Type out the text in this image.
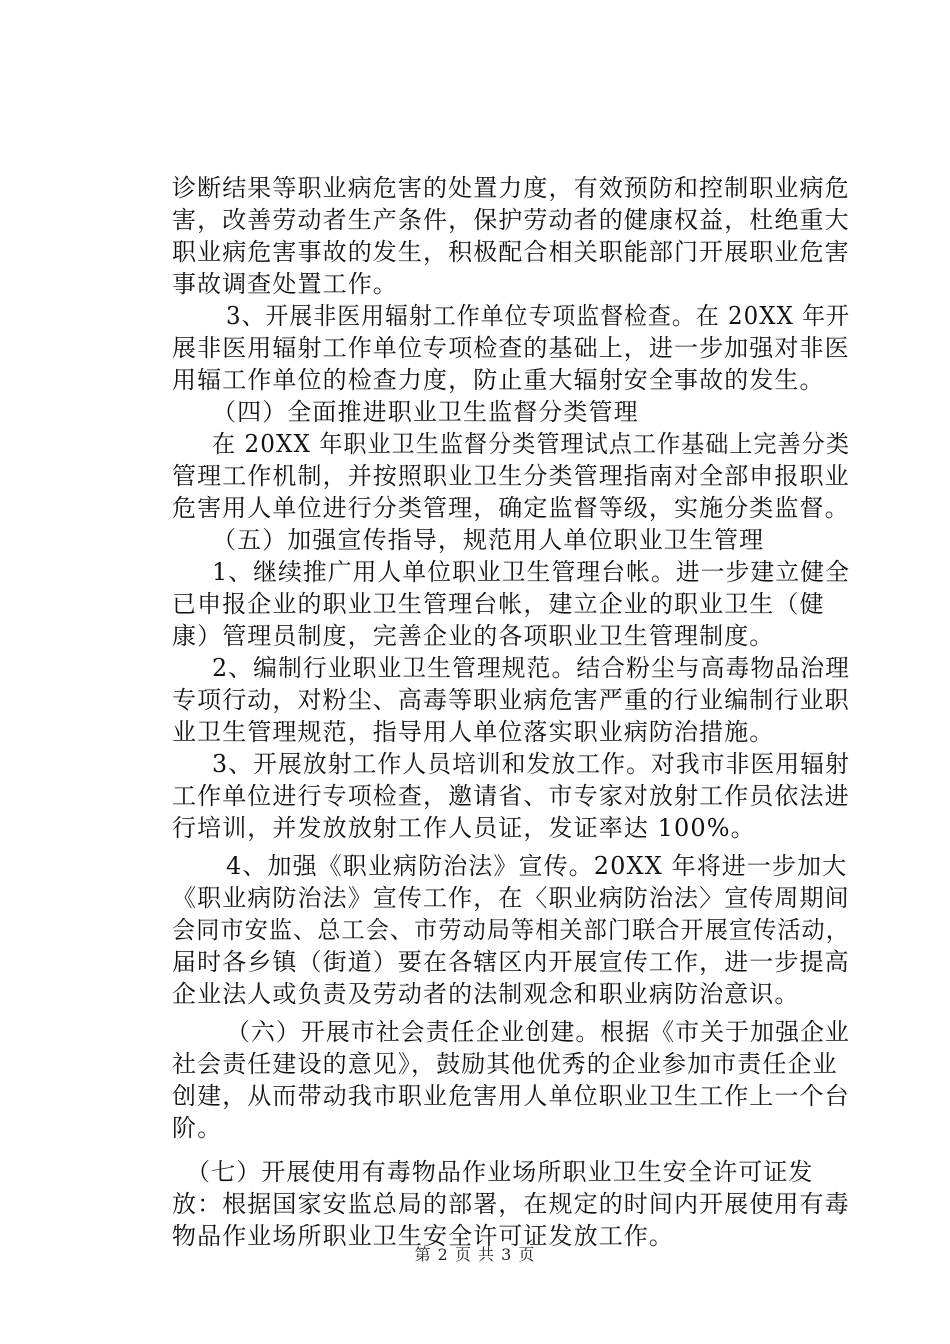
诊断结果等职业病危害的处置力度，有效预防和控制职业病危
害，改善劳动者生产条件，保护劳动者的健康权益，杜绝重大
职业病危害事故的发生，积极配合相关职能部门开展职业危害
事故调查处置工作。
3、开展非医用辐射工作单位专项监督检查。在 20XX 年开
展非医用辐射工作单位专项检查的基础上，进一步加强对非医
用辐工作单位的检查力度，防止重大辐射安全事故的发生。
（四）全面推进职业卫生监督分类管理
在 20XX 年职业卫生监督分类管理试点工作基础上完善分类
管理工作机制，并按照职业卫生分类管理指南对全部申报职业
危害用人单位进行分类管理，确定监督等级，实施分类监督。
（五）加强宣传指导，规范用人单位职业卫生管理
1、继续推广用人单位职业卫生管理台帐。进一步建立健全
已申报企业的职业卫生管理台帐，建立企业的职业卫生（健
康）管理员制度，完善企业的各项职业卫生管理制度。
2、编制行业职业卫生管理规范。结合粉尘与高毒物品治理
专项行动，对粉尘、高毒等职业病危害严重的行业编制行业职
业卫生管理规范，指导用人单位落实职业病防治措施。
3、开展放射工作人员培训和发放工作。对我市非医用辐射
工作单位进行专项检查，邀请省、市专家对放射工作员依法进
行培训，并发放放射工作人员证，发证率达 100%。
4、加强《职业病防治法》宣传。20XX 年将进一步加大
《职业病防治法》宣传工作，在〈职业病防治法〉宣传周期间
会同市安监、总工会、市劳动局等相关部门联合开展宣传活动，
届时各乡镇（街道）要在各辖区内开展宣传工作，进一步提高
企业法人或负责及劳动者的法制观念和职业病防治意识。
（六）开展市社会责任企业创建。根据《市关于加强企业
社会责任建设的意见》，鼓励其他优秀的企业参加市责任企业
创建，从而带动我市职业危害用人单位职业卫生工作上一个台
阶。
（七）开展使用有毒物品作业场所职业卫生安全许可证发
放：根据国家安监总局的部署，在规定的时间内开展使用有毒
物品作业场所职业卫生安全许可证发放工作。
第 2 页 共 3 页
